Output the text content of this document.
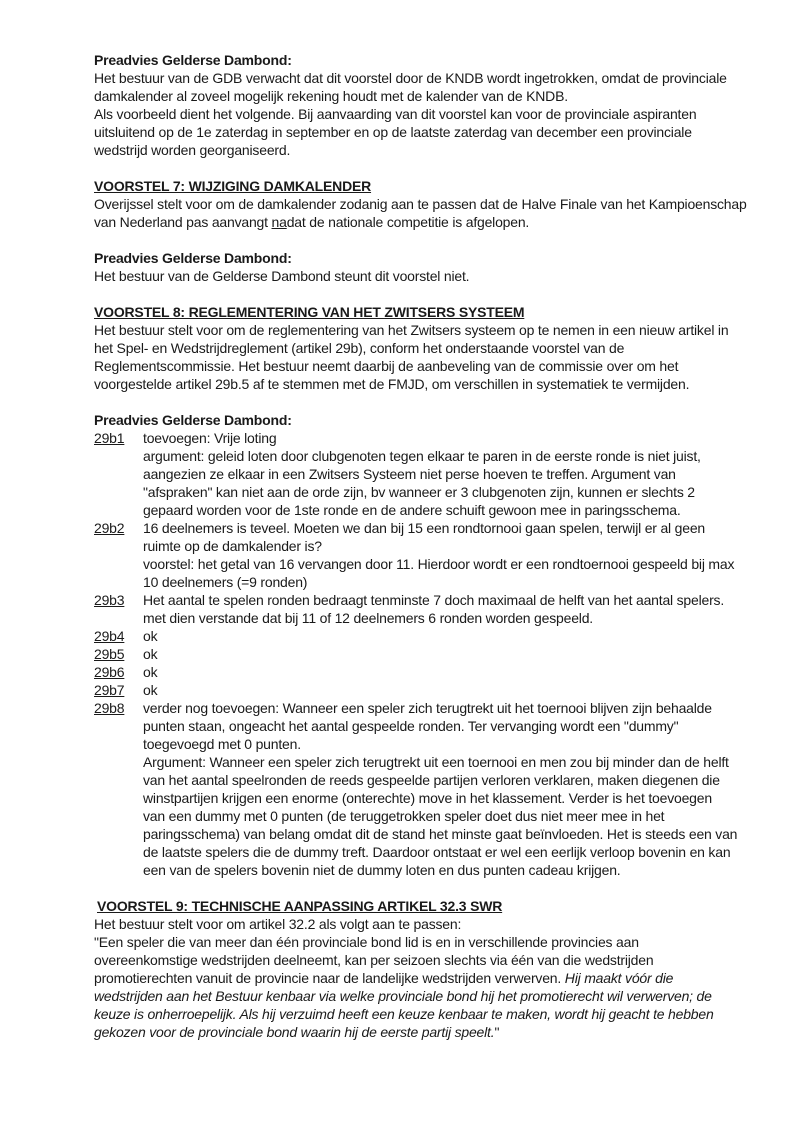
Preadvies Gelderse Dambond:
Het bestuur van de GDB verwacht dat dit voorstel door de KNDB wordt ingetrokken, omdat de provinciale
damkalender al zoveel mogelijk rekening houdt met de kalender van de KNDB.
Als voorbeeld dient het volgende. Bij aanvaarding van dit voorstel kan voor de provinciale aspiranten
uitsluitend op de 1e zaterdag in september en op de laatste zaterdag van december een provinciale
wedstrijd worden georganiseerd.
VOORSTEL 7: WIJZIGING DAMKALENDER
Overijssel stelt voor om de damkalender zodanig aan te passen dat de Halve Finale van het Kampioenschap
van Nederland pas aanvangt nadat de nationale competitie is afgelopen.
Preadvies Gelderse Dambond:
Het bestuur van de Gelderse Dambond steunt dit voorstel niet.
VOORSTEL 8: REGLEMENTERING VAN HET ZWITSERS SYSTEEM
Het bestuur stelt voor om de reglementering van het Zwitsers systeem op te nemen in een nieuw artikel in
het Spel- en Wedstrijdreglement (artikel 29b), conform het onderstaande voorstel van de
Reglementscommissie. Het bestuur neemt daarbij de aanbeveling van de commissie over om het
voorgestelde artikel 29b.5 af te stemmen met de FMJD, om verschillen in systematiek te vermijden.
Preadvies Gelderse Dambond:
29b1 toevoegen: Vrije loting
argument: geleid loten door clubgenoten tegen elkaar te paren in de eerste ronde is niet juist,
aangezien ze elkaar in een Zwitsers Systeem niet perse hoeven te treffen. Argument van
"afspraken" kan niet aan de orde zijn, bv wanneer er 3 clubgenoten zijn, kunnen er slechts 2
gepaard worden voor de 1ste ronde en de andere schuift gewoon mee in paringsschema.
29b2 16 deelnemers is teveel. Moeten we dan bij 15 een rondtornooi gaan spelen, terwijl er al geen
ruimte op de damkalender is?
voorstel: het getal van 16 vervangen door 11. Hierdoor wordt er een rondtoernooi gespeeld bij max
10 deelnemers (=9 ronden)
29b3 Het aantal te spelen ronden bedraagt tenminste 7 doch maximaal de helft van het aantal spelers.
met dien verstande dat bij 11 of 12 deelnemers 6 ronden worden gespeeld.
29b4 ok
29b5 ok
29b6 ok
29b7 ok
29b8 verder nog toevoegen: Wanneer een speler zich terugtrekt uit het toernooi blijven zijn behaalde
punten staan, ongeacht het aantal gespeelde ronden. Ter vervanging wordt een "dummy"
toegevoegd met 0 punten.
Argument: Wanneer een speler zich terugtrekt uit een toernooi en men zou bij minder dan de helft
van het aantal speelronden de reeds gespeelde partijen verloren verklaren, maken diegenen die
winstpartijen krijgen een enorme (onterechte) move in het klassement. Verder is het toevoegen
van een dummy met 0 punten (de teruggetrokken speler doet dus niet meer mee in het
paringsschema) van belang omdat dit de stand het minste gaat beïnvloeden. Het is steeds een van
de laatste spelers die de dummy treft. Daardoor ontstaat er wel een eerlijk verloop bovenin en kan
een van de spelers bovenin niet de dummy loten en dus punten cadeau krijgen.
VOORSTEL 9: TECHNISCHE AANPASSING ARTIKEL 32.3 SWR
Het bestuur stelt voor om artikel 32.2 als volgt aan te passen:
"Een speler die van meer dan één provinciale bond lid is en in verschillende provincies aan
overeenkomstige wedstrijden deelneemt, kan per seizoen slechts via één van die wedstrijden
promotierechten vanuit de provincie naar de landelijke wedstrijden verwerven. Hij maakt vóór die
wedstrijden aan het Bestuur kenbaar via welke provinciale bond hij het promotierecht wil verwerven; de
keuze is onherroepelijk. Als hij verzuimd heeft een keuze kenbaar te maken, wordt hij geacht te hebben
gekozen voor de provinciale bond waarin hij de eerste partij speelt."
